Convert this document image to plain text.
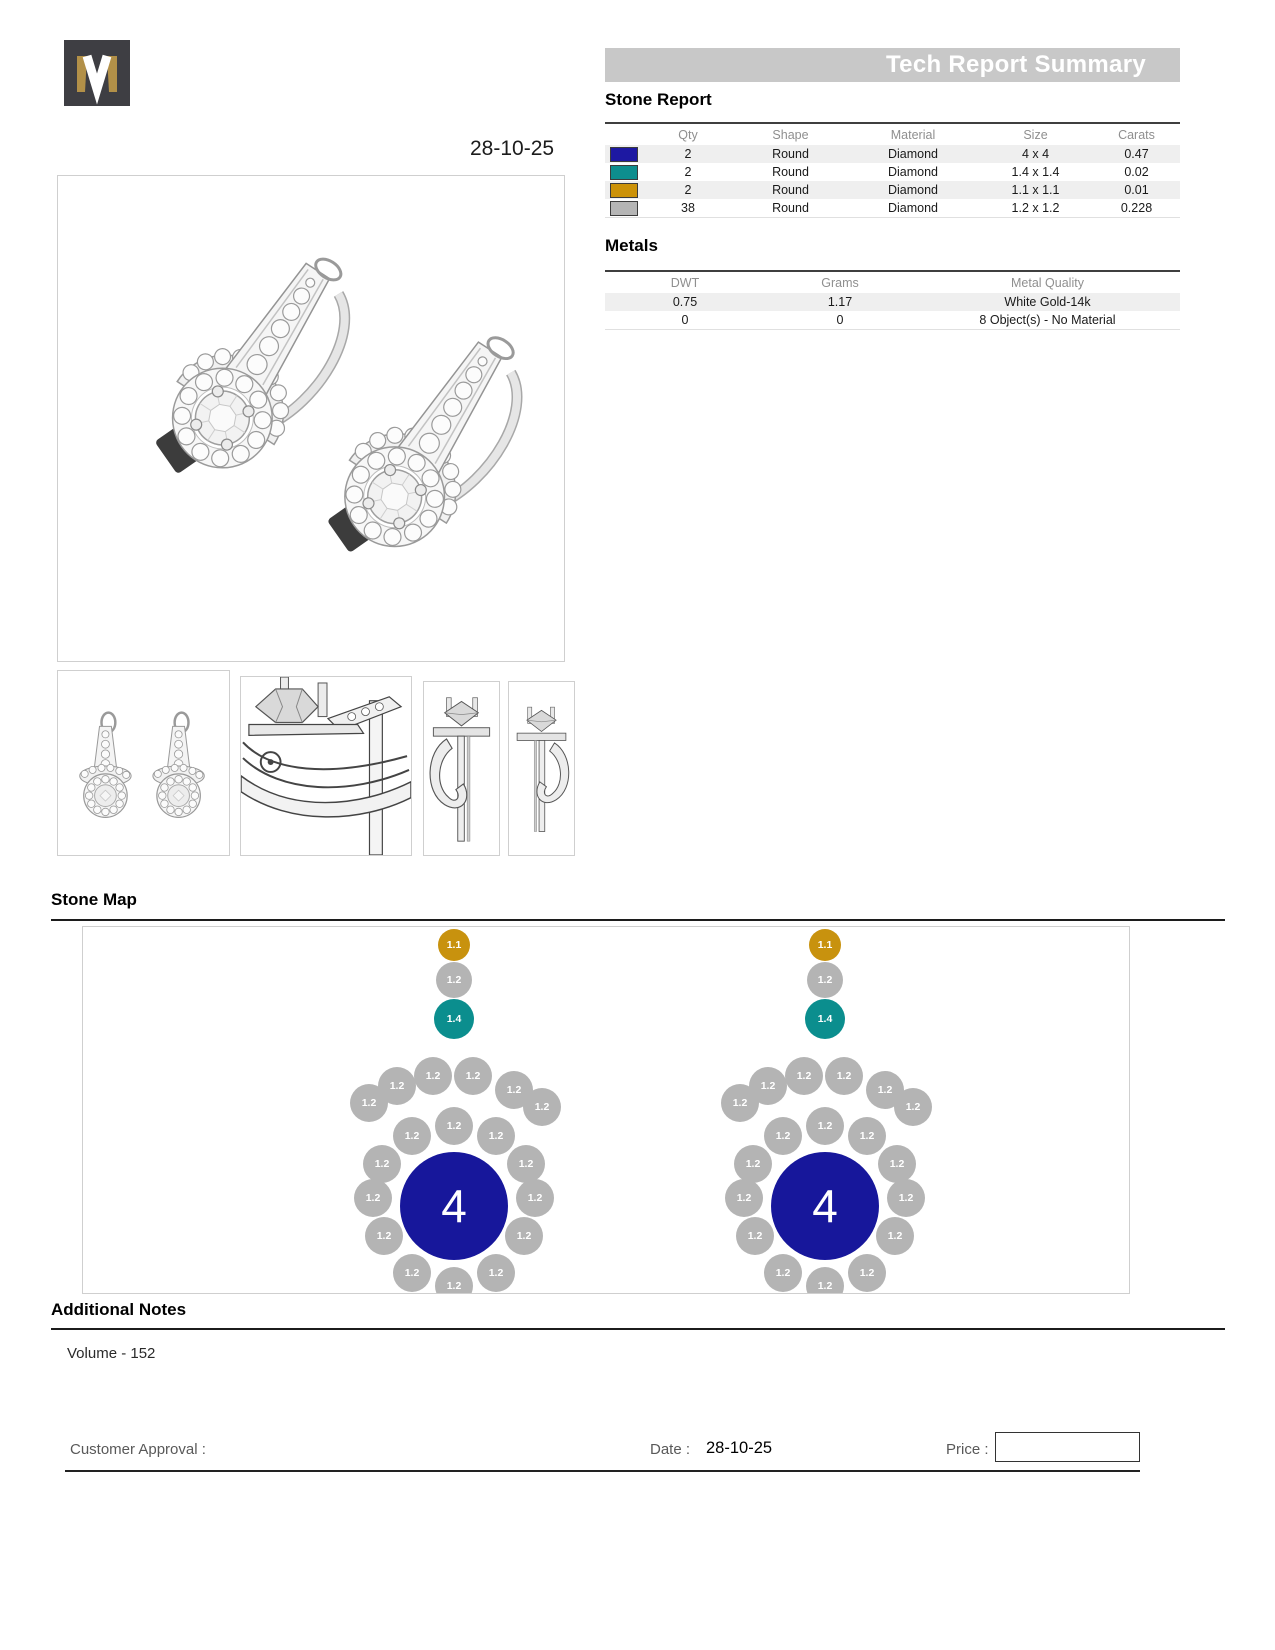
Tech Report Summary
28-10-25
Stone Report
Qty	Shape	Material	Size	Carats
2	Round	Diamond	4 x 4	0.47
2	Round	Diamond	1.4 x 1.4	0.02
2	Round	Diamond	1.1 x 1.1	0.01
38	Round	Diamond	1.2 x 1.2	0.228
Metals
DWT	Grams	Metal Quality
0.75	1.17	White Gold-14k
0	0	8 Object(s) - No Material
Stone Map
1.1
1.2
1.4
1.2
1.2
1.2	1.2
1.2
1.2
1.2
1.2	1.2
1.2	1.2
1.2	1.2
1.2	1.2
1.2	1.2
1.2
4
1.1
1.2
1.4
1.2
1.2
1.2	1.2
1.2
1.2
1.2
1.2	1.2
1.2	1.2
1.2	1.2
1.2	1.2
1.2	1.2
1.2
4
Additional Notes
Volume - 152
Customer Approval :	Date : 28-10-25	Price :
